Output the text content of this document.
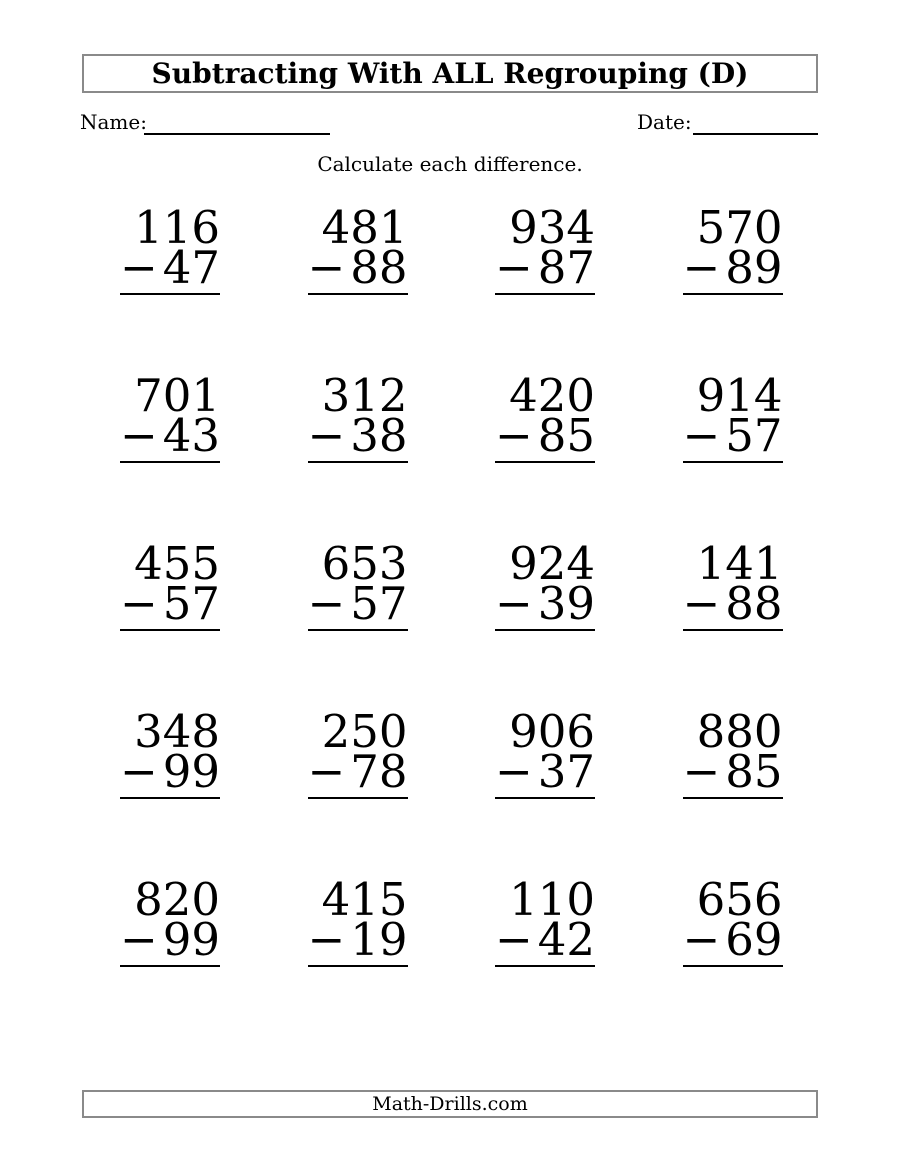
Subtracting With ALL Regrouping (D)
Name:	Date:
Calculate each difference.
116
− 47
481
− 88
934
− 87
570
− 89
701
− 43
312
− 38
420
− 85
914
− 57
455
− 57
653
− 57
924
− 39
141
− 88
348
− 99
250
− 78
906
− 37
880
− 85
820
− 99
415
− 19
110
− 42
656
− 69
Math-Drills.com
